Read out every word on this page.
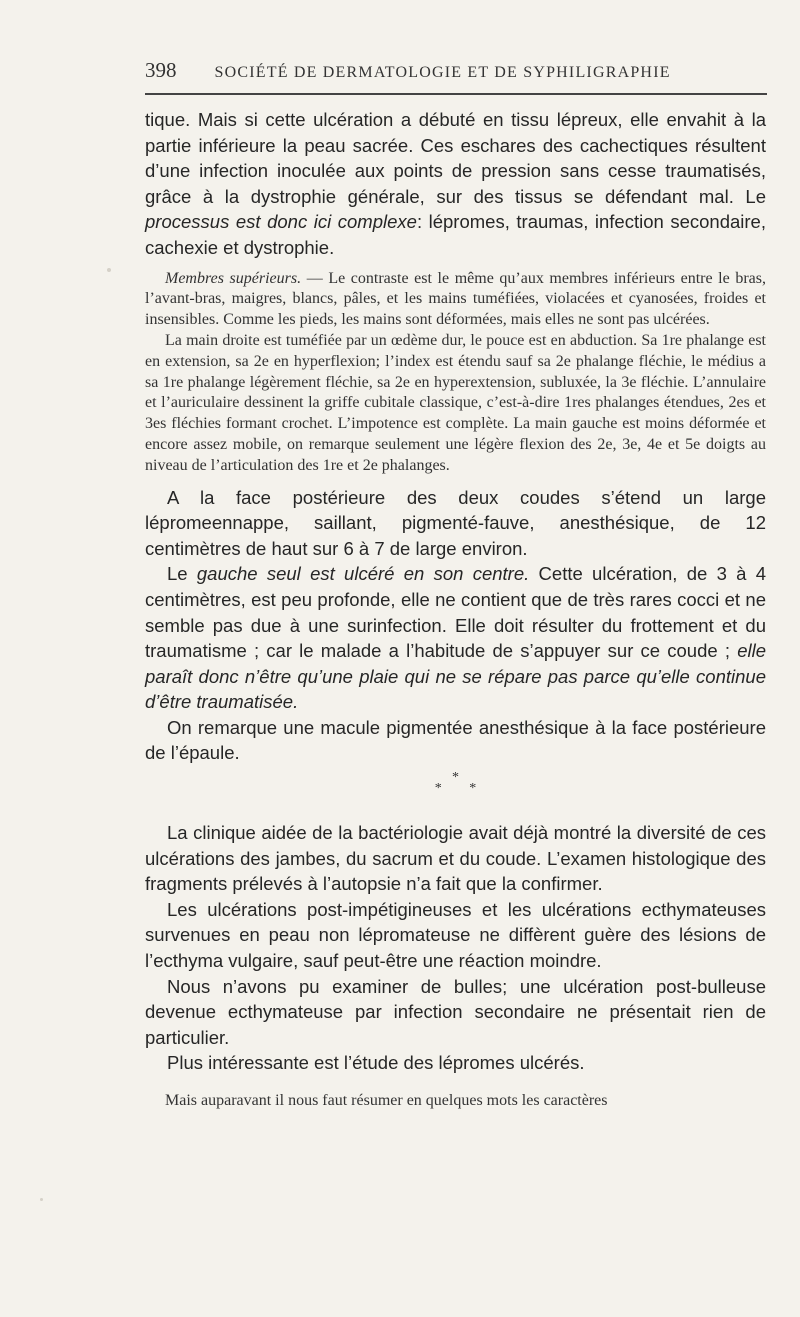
398 SOCIÉTÉ DE DERMATOLOGIE ET DE SYPHILIGRAPHIE

tique. Mais si cette ulcération a débuté en tissu lépreux, elle envahit à la partie inférieure la peau sacrée. Ces eschares des cachectiques résultent d’une infection inoculée aux points de pression sans cesse traumatisés, grâce à la dystrophie générale, sur des tissus se défendant mal. Le processus est donc ici complexe: lépromes, traumas, infection secondaire, cachexie et dystrophie.

Membres supérieurs. — Le contraste est le même qu’aux membres inférieurs entre le bras, l’avant-bras, maigres, blancs, pâles, et les mains tuméfiées, violacées et cyanosées, froides et insensibles. Comme les pieds, les mains sont déformées, mais elles ne sont pas ulcérées.

La main droite est tuméfiée par un œdème dur, le pouce est en abduction. Sa 1re phalange est en extension, sa 2e en hyperflexion; l’index est étendu sauf sa 2e phalange fléchie, le médius a sa 1re phalange légèrement fléchie, sa 2e en hyperextension, subluxée, la 3e fléchie. L’annulaire et l’auriculaire dessinent la griffe cubitale classique, c’est-à-dire 1res phalanges étendues, 2es et 3es fléchies formant crochet. L’impotence est complète. La main gauche est moins déformée et encore assez mobile, on remarque seulement une légère flexion des 2e, 3e, 4e et 5e doigts au niveau de l’articulation des 1re et 2e phalanges.

A la face postérieure des deux coudes s’étend un large lépromeennappe, saillant, pigmenté-fauve, anesthésique, de 12 centimètres de haut sur 6 à 7 de large environ.

Le gauche seul est ulcéré en son centre. Cette ulcération, de 3 à 4 centimètres, est peu profonde, elle ne contient que de très rares cocci et ne semble pas due à une surinfection. Elle doit résulter du frottement et du traumatisme ; car le malade a l’habitude de s’appuyer sur ce coude ; elle paraît donc n’être qu’une plaie qui ne se répare pas parce qu’elle continue d’être traumatisée.

On remarque une macule pigmentée anesthésique à la face postérieure de l’épaule.

*
* *

La clinique aidée de la bactériologie avait déjà montré la diversité de ces ulcérations des jambes, du sacrum et du coude. L’examen histologique des fragments prélevés à l’autopsie n’a fait que la confirmer.

Les ulcérations post-impétigineuses et les ulcérations ecthymateuses survenues en peau non lépromateuse ne diffèrent guère des lésions de l’ecthyma vulgaire, sauf peut-être une réaction moindre.

Nous n’avons pu examiner de bulles; une ulcération post-bulleuse devenue ecthymateuse par infection secondaire ne présentait rien de particulier.

Plus intéressante est l’étude des lépromes ulcérés.

Mais auparavant il nous faut résumer en quelques mots les caractères
